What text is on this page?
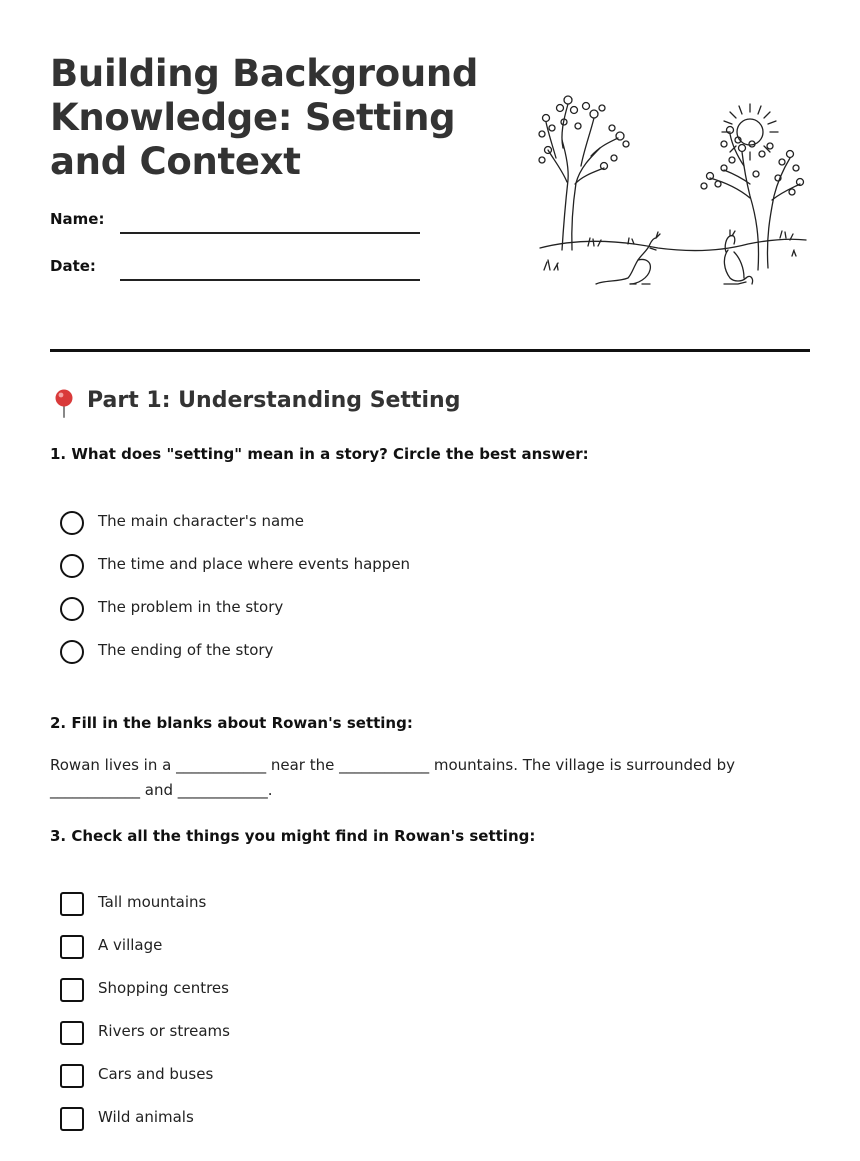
Building Background Knowledge: Setting and Context
Name:
Date:
Part 1: Understanding Setting

1. What does "setting" mean in a story? Circle the best answer:

The main character's name
The time and place where events happen
The problem in the story
The ending of the story

2. Fill in the blanks about Rowan's setting:

Rowan lives in a ____________ near the ____________ mountains. The village is surrounded by ____________ and ____________.

3. Check all the things you might find in Rowan's setting:

Tall mountains
A village
Shopping centres
Rivers or streams
Cars and buses
Wild animals
